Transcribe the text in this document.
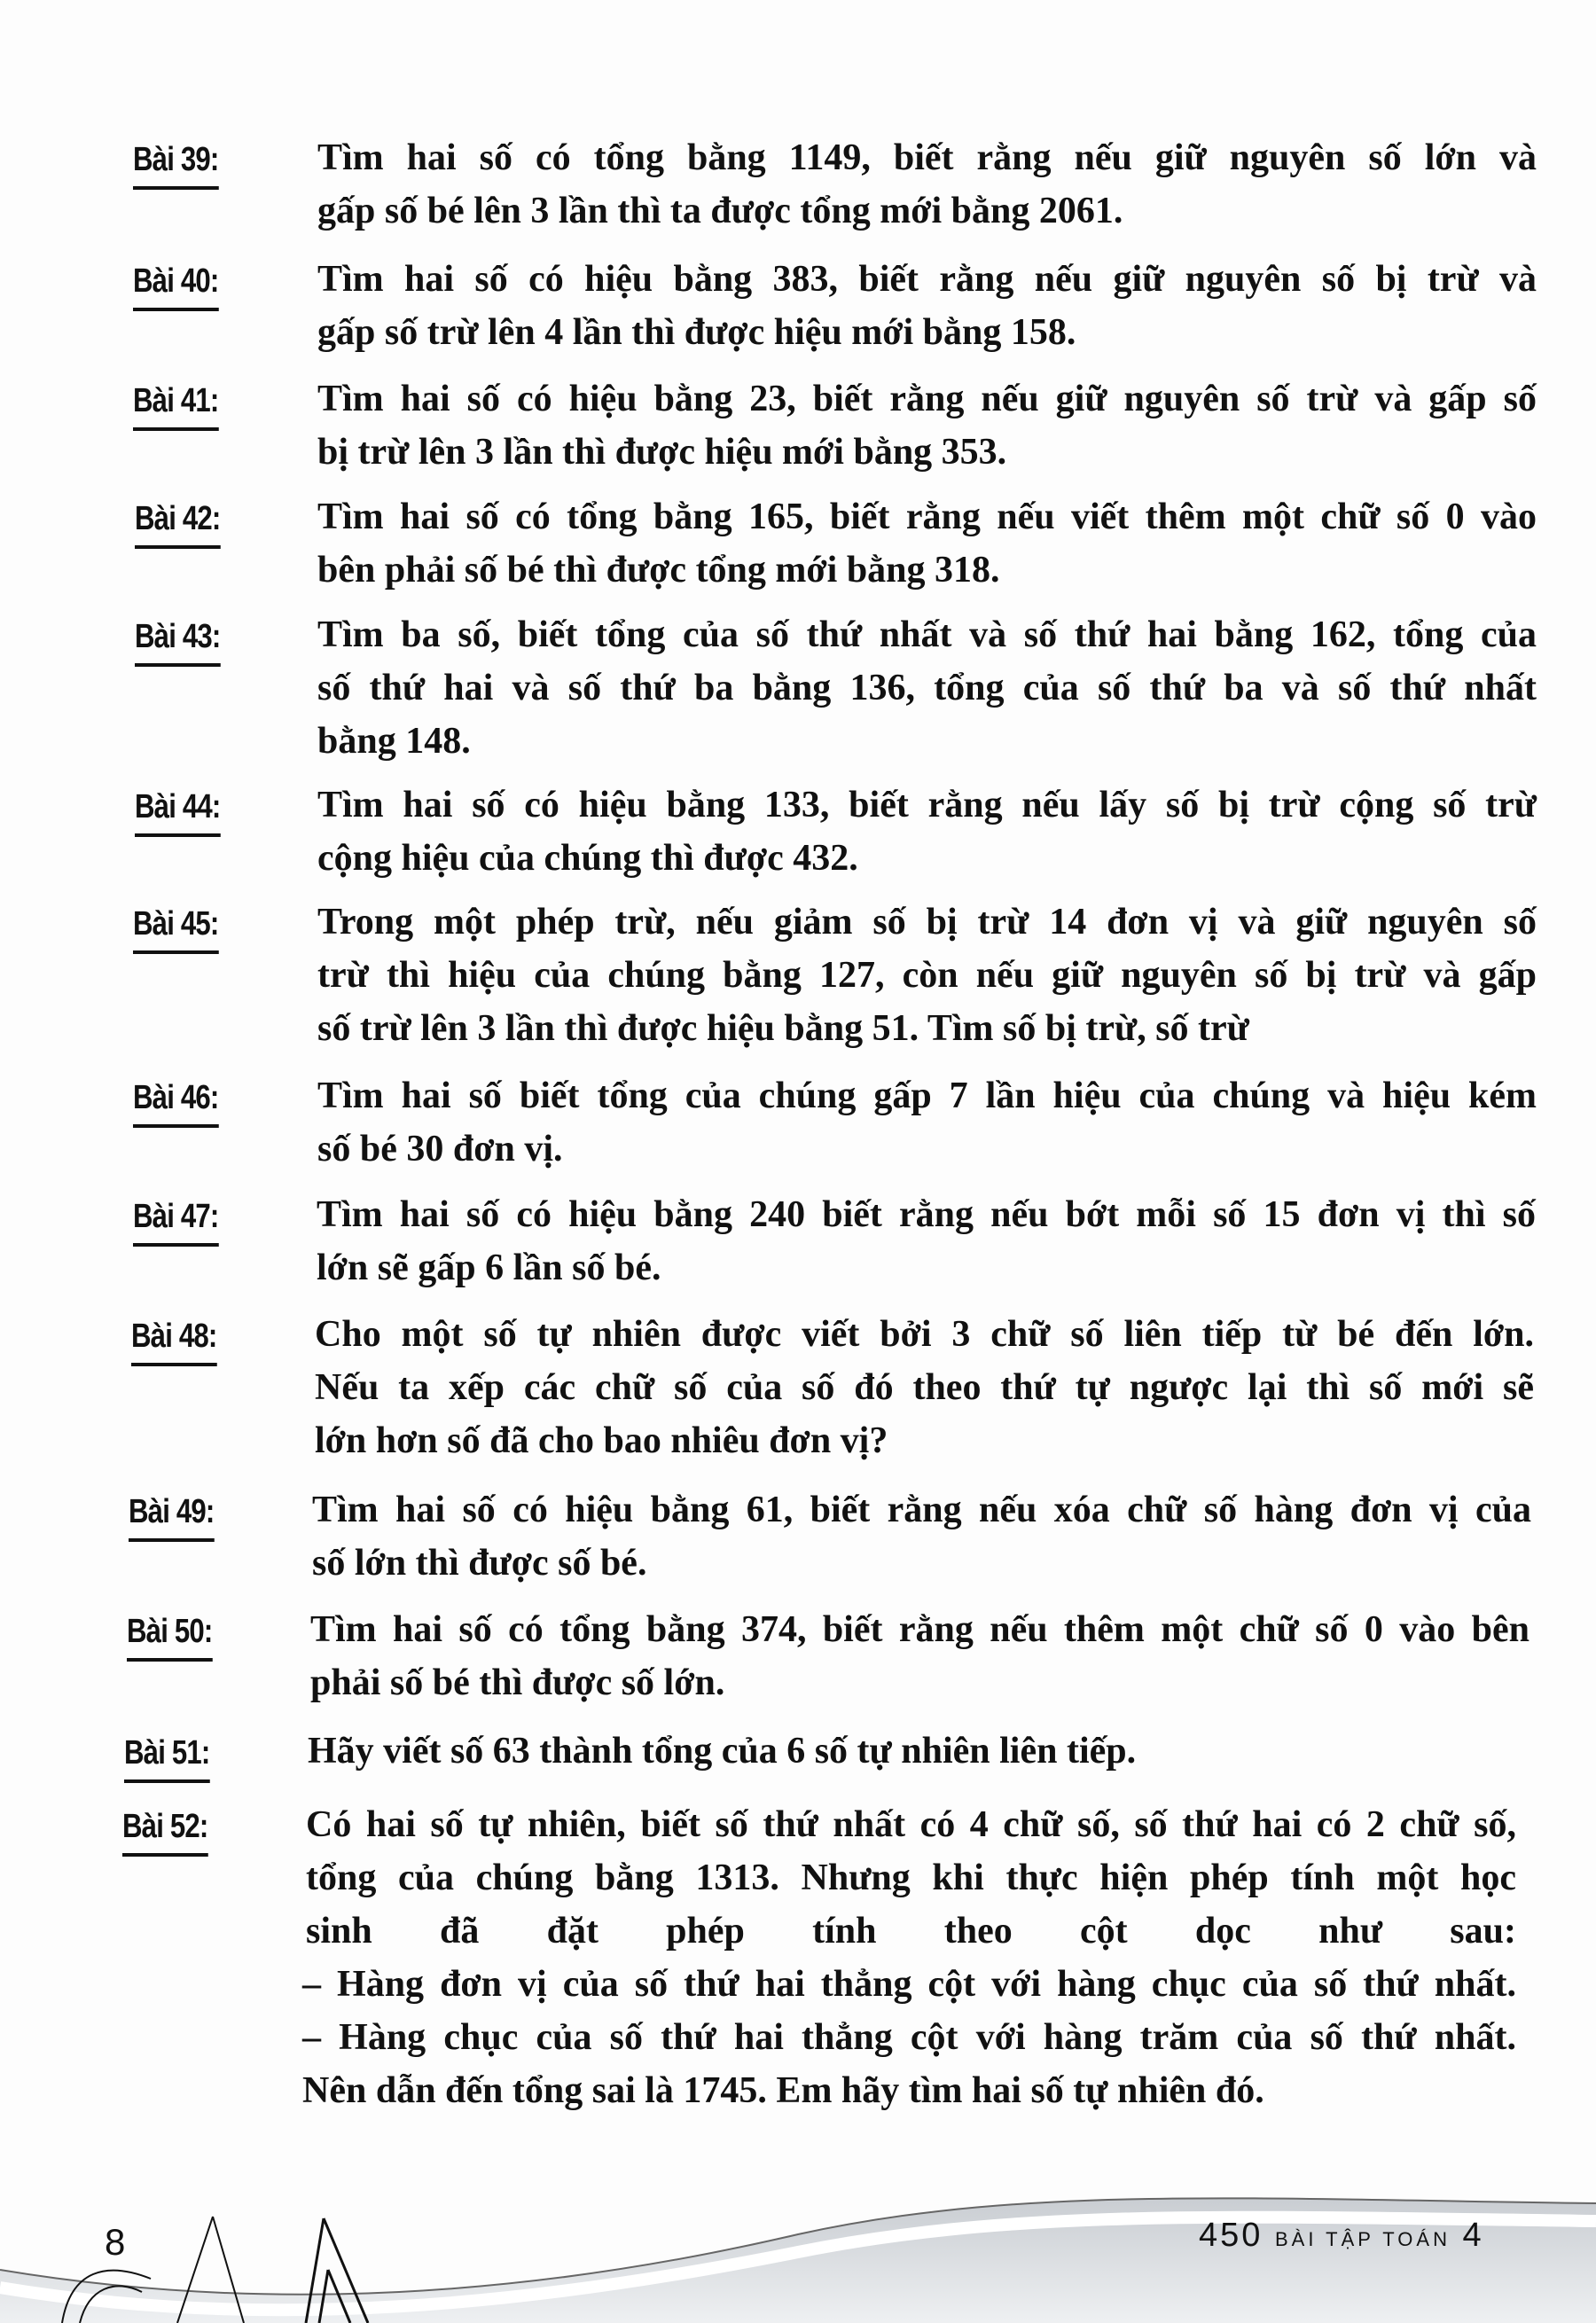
Bài 39:	Tìm hai số có tổng bằng 1149, biết rằng nếu giữ nguyên số lớn và
gấp số bé lên 3 lần thì ta được tổng mới bằng 2061.
Bài 40:	Tìm hai số có hiệu bằng 383, biết rằng nếu giữ nguyên số bị trừ và
gấp số trừ lên 4 lần thì được hiệu mới bằng 158.
Bài 41:	Tìm hai số có hiệu bằng 23, biết rằng nếu giữ nguyên số trừ và gấp số
bị trừ lên 3 lần thì được hiệu mới bằng 353.
Bài 42:	Tìm hai số có tổng bằng 165, biết rằng nếu viết thêm một chữ số 0 vào
bên phải số bé thì được tổng mới bằng 318.
Bài 43:	Tìm ba số, biết tổng của số thứ nhất và số thứ hai bằng 162, tổng của
số thứ hai và số thứ ba bằng 136, tổng của số thứ ba và số thứ nhất
bằng 148.
Bài 44:	Tìm hai số có hiệu bằng 133, biết rằng nếu lấy số bị trừ cộng số trừ
cộng hiệu của chúng thì được 432.
Bài 45:	Trong một phép trừ, nếu giảm số bị trừ 14 đơn vị và giữ nguyên số
trừ thì hiệu của chúng bằng 127, còn nếu giữ nguyên số bị trừ và gấp
số trừ lên 3 lần thì được hiệu bằng 51. Tìm số bị trừ, số trừ
Bài 46:	Tìm hai số biết tổng của chúng gấp 7 lần hiệu của chúng và hiệu kém
số bé 30 đơn vị.
Bài 47:	Tìm hai số có hiệu bằng 240 biết rằng nếu bớt mỗi số 15 đơn vị thì số
lớn sẽ gấp 6 lần số bé.
Bài 48:	Cho một số tự nhiên được viết bởi 3 chữ số liên tiếp từ bé đến lớn.
Nếu ta xếp các chữ số của số đó theo thứ tự ngược lại thì số mới sẽ
lớn hơn số đã cho bao nhiêu đơn vị?
Bài 49:	Tìm hai số có hiệu bằng 61, biết rằng nếu xóa chữ số hàng đơn vị của
số lớn thì được số bé.
Bài 50:	Tìm hai số có tổng bằng 374, biết rằng nếu thêm một chữ số 0 vào bên
phải số bé thì được số lớn.
Bài 51:	Hãy viết số 63 thành tổng của 6 số tự nhiên liên tiếp.
Bài 52:	Có hai số tự nhiên, biết số thứ nhất có 4 chữ số, số thứ hai có 2 chữ số,
tổng của chúng bằng 1313. Nhưng khi thực hiện phép tính một học
sinh đã đặt phép tính theo cột dọc như sau:
– Hàng đơn vị của số thứ hai thẳng cột với hàng chục của số thứ nhất.
– Hàng chục của số thứ hai thẳng cột với hàng trăm của số thứ nhất.
Nên dẫn đến tổng sai là 1745. Em hãy tìm hai số tự nhiên đó.
8	450 BÀI TẬP TOÁN 4
